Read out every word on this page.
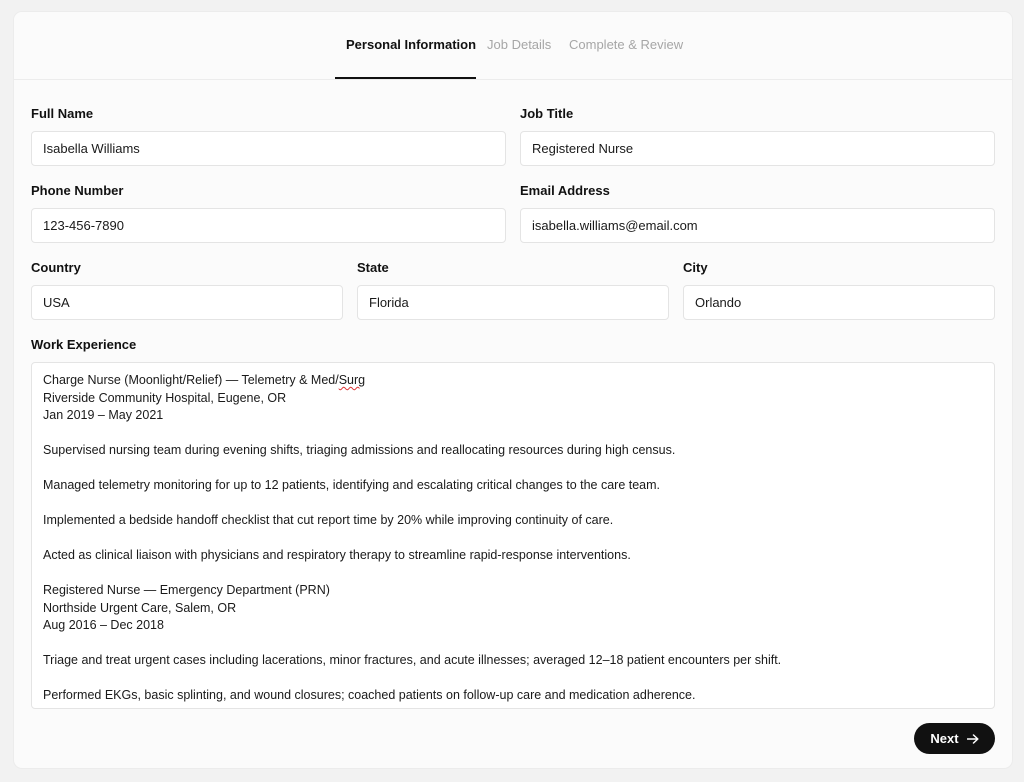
Personal Information Job Details Complete & Review
Full Name
Isabella Williams
Job Title
Registered Nurse
Phone Number
123-456-7890
Email Address
isabella.williams@email.com
Country
USA
State
Florida
City
Orlando
Work Experience
Charge Nurse (Moonlight/Relief) — Telemetry & Med/Surg
Riverside Community Hospital, Eugene, OR
Jan 2019 – May 2021
Supervised nursing team during evening shifts, triaging admissions and reallocating resources during high census.
Managed telemetry monitoring for up to 12 patients, identifying and escalating critical changes to the care team.
Implemented a bedside handoff checklist that cut report time by 20% while improving continuity of care.
Acted as clinical liaison with physicians and respiratory therapy to streamline rapid-response interventions.
Registered Nurse — Emergency Department (PRN)
Northside Urgent Care, Salem, OR
Aug 2016 – Dec 2018
Triage and treat urgent cases including lacerations, minor fractures, and acute illnesses; averaged 12–18 patient encounters per shift.
Performed EKGs, basic splinting, and wound closures; coached patients on follow-up care and medication adherence.
Next
